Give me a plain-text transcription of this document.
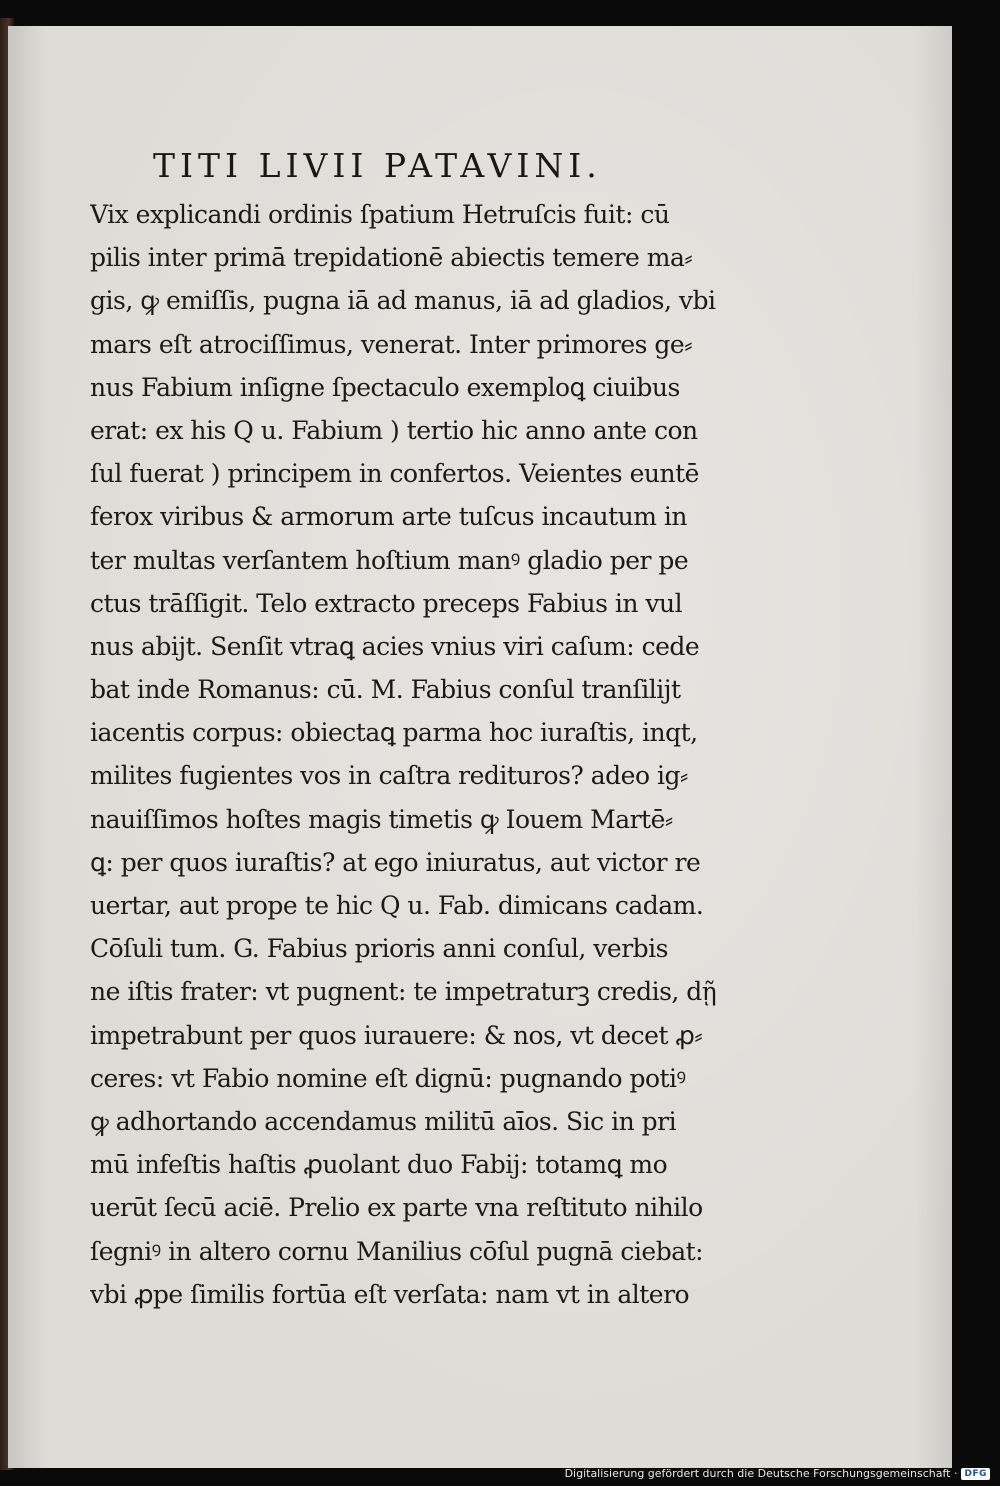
TITI LIVII PATAVINI.
Vix explicandi ordinis ſpatium Hetruſcis fuit: cū
pilis inter primā trepidationē abiectis temere ma⸗
gis, ꝙ emiſſis, pugna iā ad manus, iā ad gladios, vbi
mars eſt atrociſſimus, venerat. Inter primores ge⸗
nus Fabium inſigne ſpectaculo exemploꝗ ciuibus
erat: ex his Q u. Fabium ) tertio hic anno ante con
ſul fuerat ) principem in confertos. Veientes euntē
ferox viribus & armorum arte tuſcus incautum in
ter multas verſantem hoſtium manꝰ gladio per pe
ctus trāſſigit. Telo extracto preceps Fabius in vul
nus abijt. Senſit vtraꝗ acies vnius viri caſum: cede
bat inde Romanus: cū. M. Fabius conſul tranſilijt
iacentis corpus: obiectaꝗ parma hoc iuraſtis, inqt,
milites fugientes vos in caſtra redituros? adeo ig⸗
nauiſſimos hoſtes magis timetis ꝙ Iouem Martē⸗
ꝗ: per quos iuraſtis? at ego iniuratus, aut victor re
uertar, aut prope te hic Q u. Fab. dimicans cadam.
Cōſuli tum. G. Fabius prioris anni conſul, verbis
ne iſtis frater: vt pugnent: te impetraturꝫ credis, dῇ
impetrabunt per quos iurauere: & nos, vt decet ꝓ⸗
ceres: vt Fabio nomine eſt dignū: pugnando potiꝰ
ꝙ adhortando accendamus militū aīos. Sic in pri
mū infeſtis haſtis ꝓuolant duo Fabij: totamꝗ mo
uerūt ſecū aciē. Prelio ex parte vna reſtituto nihilo
ſegniꝰ in altero cornu Manilius cōſul pugnā ciebat:
vbi ꝓpe ſimilis fortūa eſt verſata: nam vt in altero
Digitalisierung gefördert durch die Deutsche Forschungsgemeinschaft · DFG
